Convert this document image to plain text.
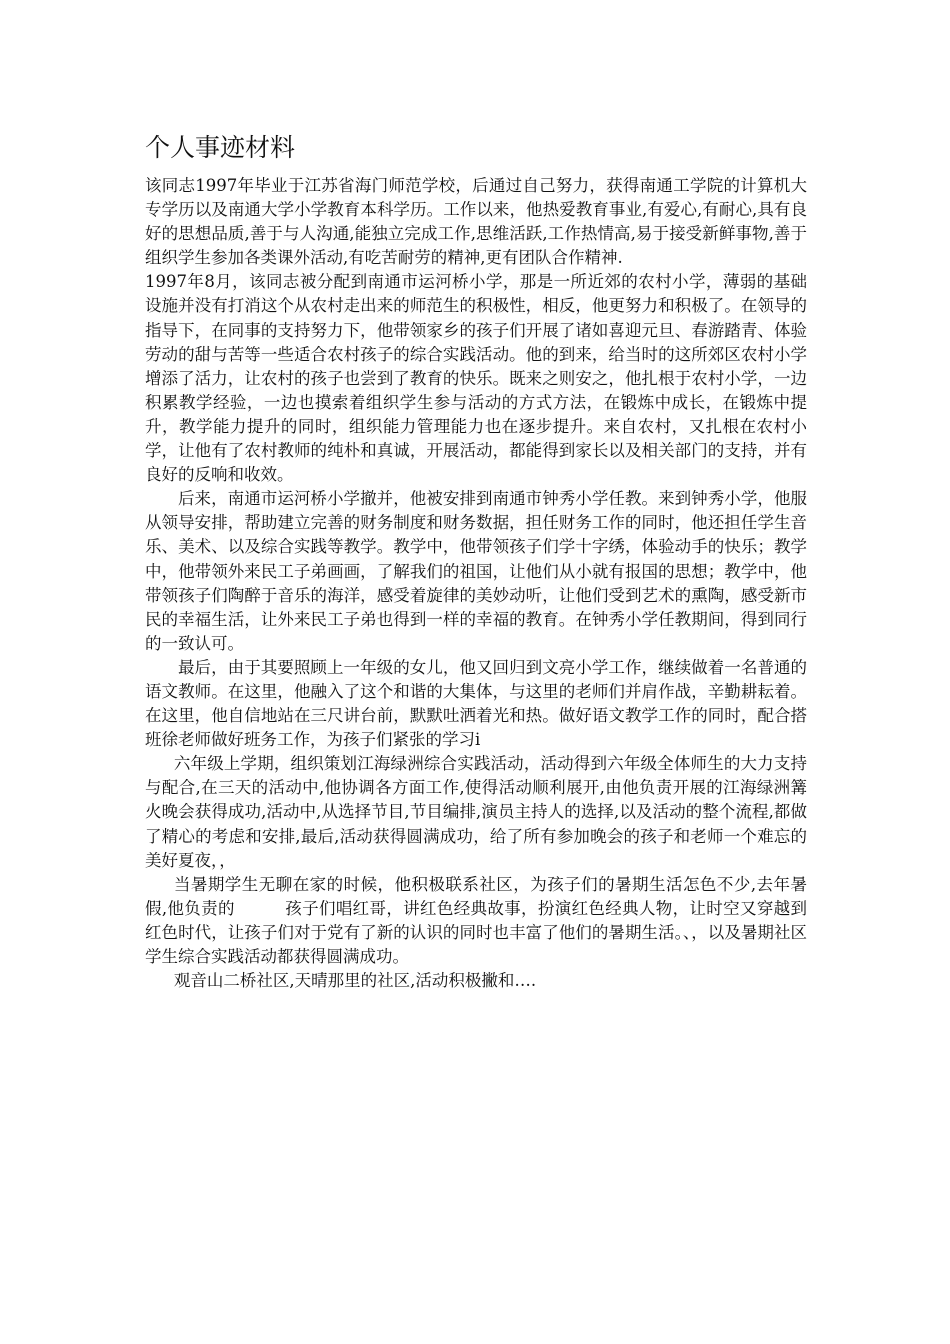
个人事迹材料

该同志1997年毕业于江苏省海门师范学校，后通过自己努力，获得南通工学院的计算机大专学历以及南通大学小学教育本科学历。工作以来，他热爱教育事业,有爱心,有耐心,具有良好的思想品质,善于与人沟通,能独立完成工作,思维活跃,工作热情高,易于接受新鲜事物,善于组织学生参加各类课外活动,有吃苦耐劳的精神,更有团队合作精神.

1997年8月，该同志被分配到南通市运河桥小学，那是一所近郊的农村小学，薄弱的基础设施并没有打消这个从农村走出来的师范生的积极性，相反，他更努力和积极了。在领导的指导下，在同事的支持努力下，他带领家乡的孩子们开展了诸如喜迎元旦、春游踏青、体验劳动的甜与苦等一些适合农村孩子的综合实践活动。他的到来，给当时的这所郊区农村小学增添了活力，让农村的孩子也尝到了教育的快乐。既来之则安之，他扎根于农村小学，一边积累教学经验，一边也摸索着组织学生参与活动的方式方法，在锻炼中成长，在锻炼中提升，教学能力提升的同时，组织能力管理能力也在逐步提升。来自农村，又扎根在农村小学，让他有了农村教师的纯朴和真诚，开展活动，都能得到家长以及相关部门的支持，并有良好的反响和收效。

后来，南通市运河桥小学撤并，他被安排到南通市钟秀小学任教。来到钟秀小学，他服从领导安排，帮助建立完善的财务制度和财务数据，担任财务工作的同时，他还担任学生音乐、美术、以及综合实践等教学。教学中，他带领孩子们学十字绣，体验动手的快乐；教学中，他带领外来民工子弟画画，了解我们的祖国，让他们从小就有报国的思想；教学中，他带领孩子们陶醉于音乐的海洋，感受着旋律的美妙动听，让他们受到艺术的熏陶，感受新市民的幸福生活，让外来民工子弟也得到一样的幸福的教育。在钟秀小学任教期间，得到同行的一致认可。

最后，由于其要照顾上一年级的女儿，他又回归到文亮小学工作，继续做着一名普通的语文教师。在这里，他融入了这个和谐的大集体，与这里的老师们并肩作战，辛勤耕耘着。在这里，他自信地站在三尺讲台前，默默吐洒着光和热。做好语文教学工作的同时，配合搭班徐老师做好班务工作，为孩子们紧张的学习i

六年级上学期，组织策划江海绿洲综合实践活动，活动得到六年级全体师生的大力支持与配合,在三天的活动中,他协调各方面工作,使得活动顺利展开,由他负责开展的江海绿洲篝火晚会获得成功,活动中,从选择节目,节目编排,演员主持人的选择,以及活动的整个流程,都做了精心的考虑和安排,最后,活动获得圆满成功，给了所有参加晚会的孩子和老师一个难忘的美好夏夜，，

当暑期学生无聊在家的时候，他积极联系社区，为孩子们的暑期生活怎色不少,去年暑假,他负责的　　　孩子们唱红哥，讲红色经典故事，扮演红色经典人物，让时空又穿越到红色时代，让孩子们对于党有了新的认识的同时也丰富了他们的暑期生活。、，以及暑期社区学生综合实践活动都获得圆满成功。

观音山二桥社区,天晴那里的社区,活动积极撇和….
